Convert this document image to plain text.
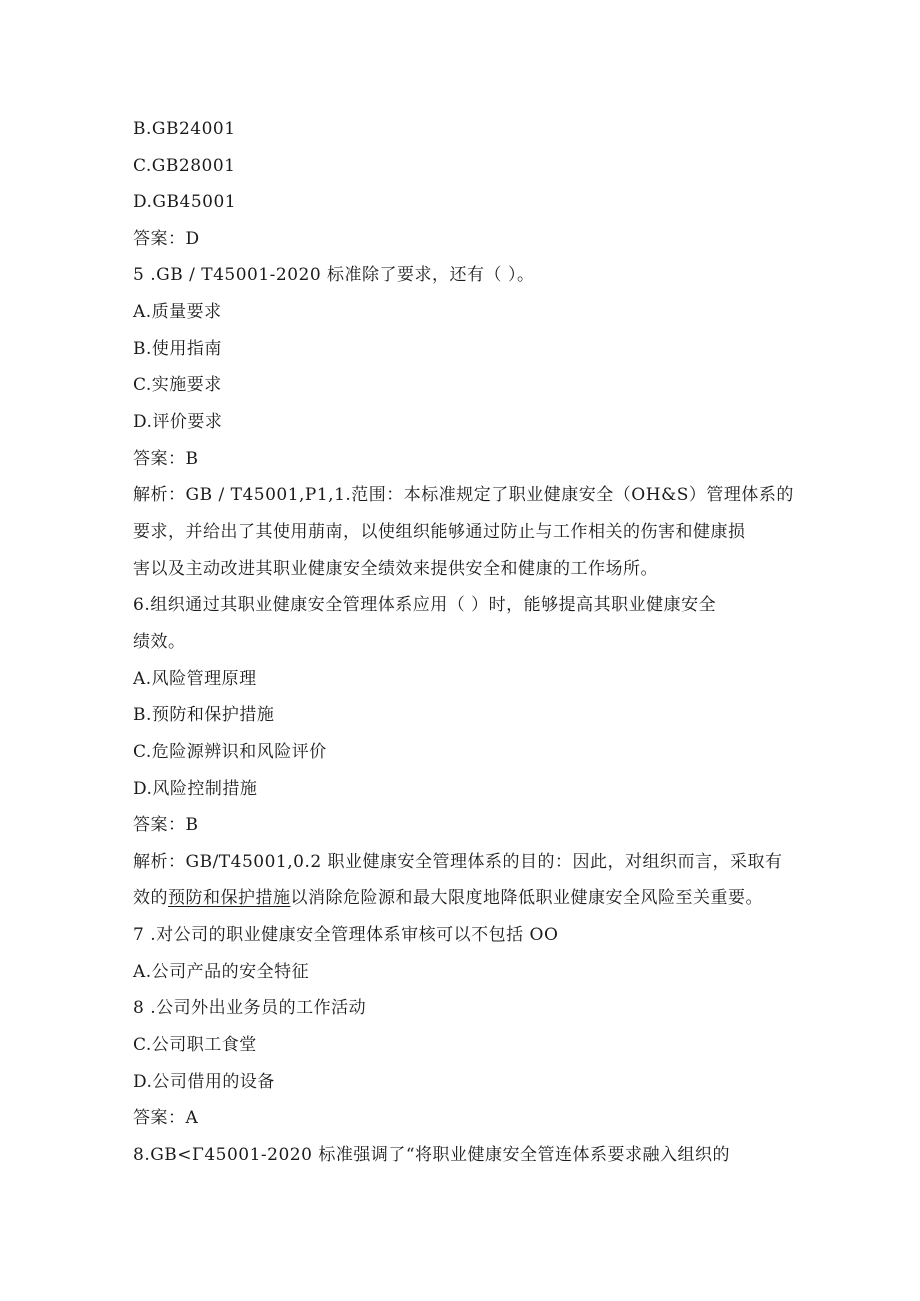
B.GB24001
C.GB28001
D.GB45001
答案：D
5 .GB / T45001-2020 标准除了要求，还有（ ）。
A.质量要求
B.使用指南
C.实施要求
D.评价要求
答案：B
解析：GB / T45001,P1,1.范围：本标准规定了职业健康安全（OH&S）管理体系的
要求，并给出了其使用萠南，以使组织能够通过防止与工作相关的伤害和健康损
害以及主动改进其职业健康安全绩效来提供安全和健康的工作场所。
6.组织通过其职业健康安全管理体系应用（ ）时，能够提高其职业健康安全
绩效。
A.风险管理原理
B.预防和保护措施
C.危险源辨识和风险评价
D.风险控制措施
答案：B
解析：GB/T45001,0.2 职业健康安全管理体系的目的：因此，对组织而言，采取有
效的预防和保护措施以消除危险源和最大限度地降低职业健康安全风险至关重要。
7 .对公司的职业健康安全管理体系审核可以不包括 OO
A.公司产品的安全特征
8 .公司外出业务员的工作活动
C.公司职工食堂
D.公司借用的设备
答案：A
8.GB<Γ45001-2020 标准强调了“将职业健康安全管连体系要求融入组织的
